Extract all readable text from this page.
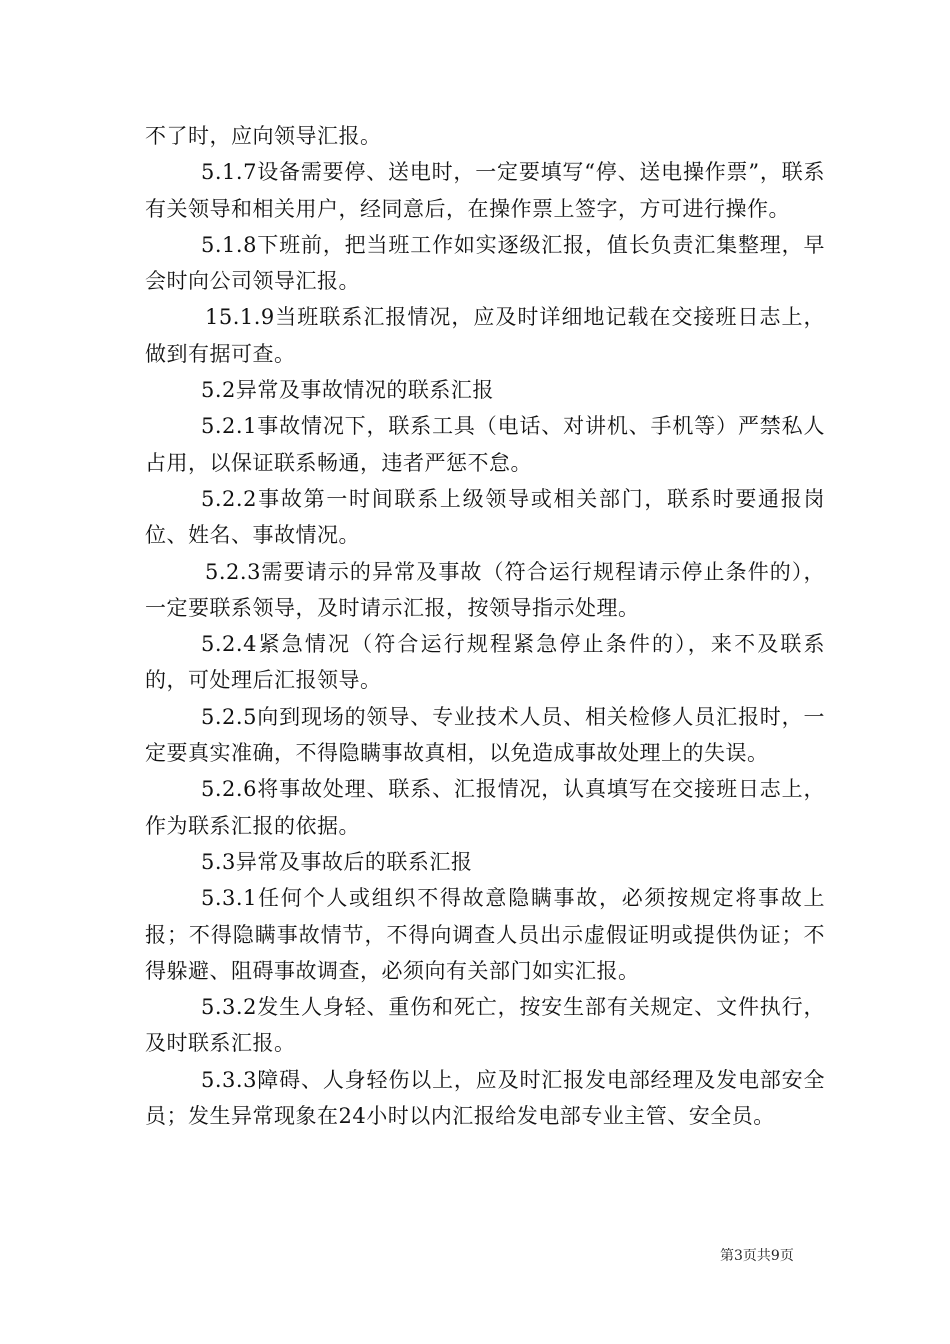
不了时，应向领导汇报。

5.1.7设备需要停、送电时，一定要填写“停、送电操作票”，联系有关领导和相关用户，经同意后，在操作票上签字，方可进行操作。

5.1.8下班前，把当班工作如实逐级汇报，值长负责汇集整理，早会时向公司领导汇报。

15.1.9当班联系汇报情况，应及时详细地记载在交接班日志上，做到有据可查。

5.2异常及事故情况的联系汇报

5.2.1事故情况下，联系工具（电话、对讲机、手机等）严禁私人占用，以保证联系畅通，违者严惩不怠。

5.2.2事故第一时间联系上级领导或相关部门，联系时要通报岗位、姓名、事故情况。

5.2.3需要请示的异常及事故（符合运行规程请示停止条件的），一定要联系领导，及时请示汇报，按领导指示处理。

5.2.4紧急情况（符合运行规程紧急停止条件的），来不及联系的，可处理后汇报领导。

5.2.5向到现场的领导、专业技术人员、相关检修人员汇报时，一定要真实准确，不得隐瞒事故真相，以免造成事故处理上的失误。

5.2.6将事故处理、联系、汇报情况，认真填写在交接班日志上，作为联系汇报的依据。

5.3异常及事故后的联系汇报

5.3.1任何个人或组织不得故意隐瞒事故，必须按规定将事故上报；不得隐瞒事故情节，不得向调查人员出示虚假证明或提供伪证；不得躲避、阻碍事故调查，必须向有关部门如实汇报。

5.3.2发生人身轻、重伤和死亡，按安生部有关规定、文件执行，及时联系汇报。

5.3.3障碍、人身轻伤以上，应及时汇报发电部经理及发电部安全员；发生异常现象在24小时以内汇报给发电部专业主管、安全员。

第3页共9页
